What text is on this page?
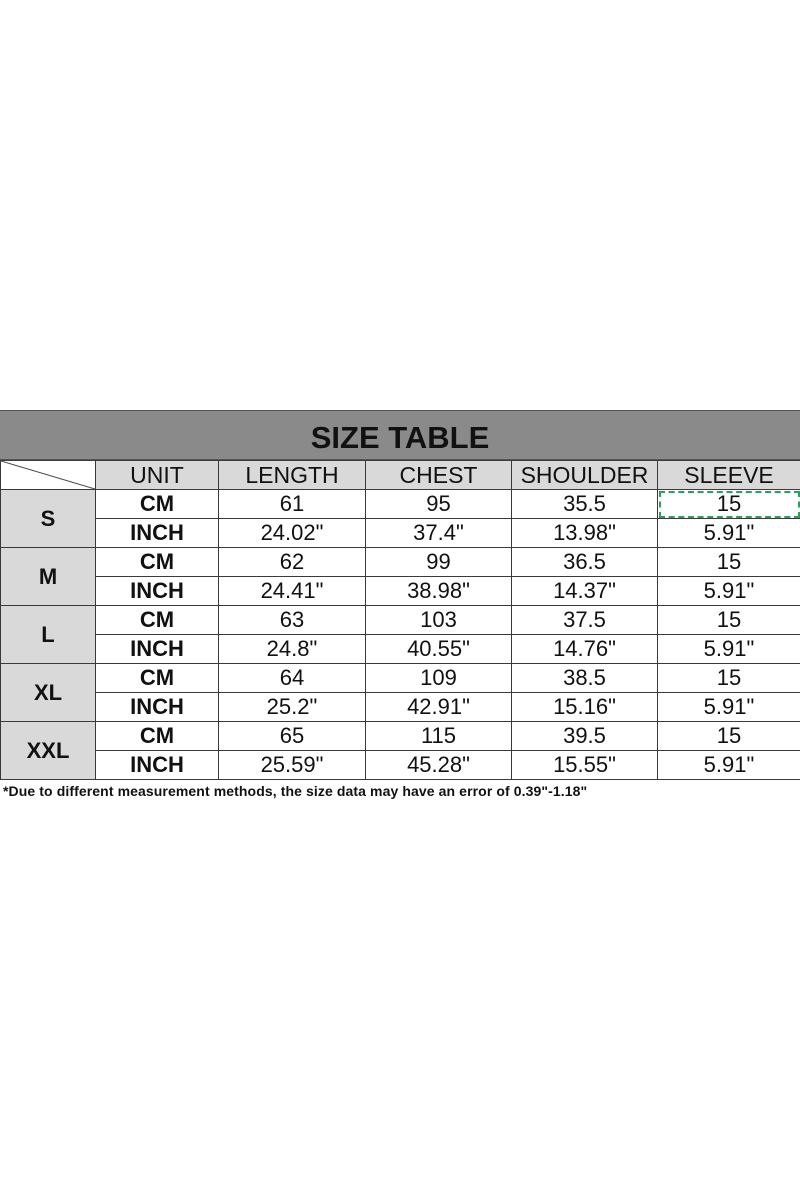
SIZE TABLE
	UNIT	LENGTH	CHEST	SHOULDER	SLEEVE
S	CM	61	95	35.5	15
	INCH	24.02"	37.4"	13.98"	5.91"
M	CM	62	99	36.5	15
	INCH	24.41"	38.98"	14.37"	5.91"
L	CM	63	103	37.5	15
	INCH	24.8"	40.55"	14.76"	5.91"
XL	CM	64	109	38.5	15
	INCH	25.2"	42.91"	15.16"	5.91"
XXL	CM	65	115	39.5	15
	INCH	25.59"	45.28"	15.55"	5.91"
*Due to different measurement methods, the size data may have an error of 0.39"-1.18"
